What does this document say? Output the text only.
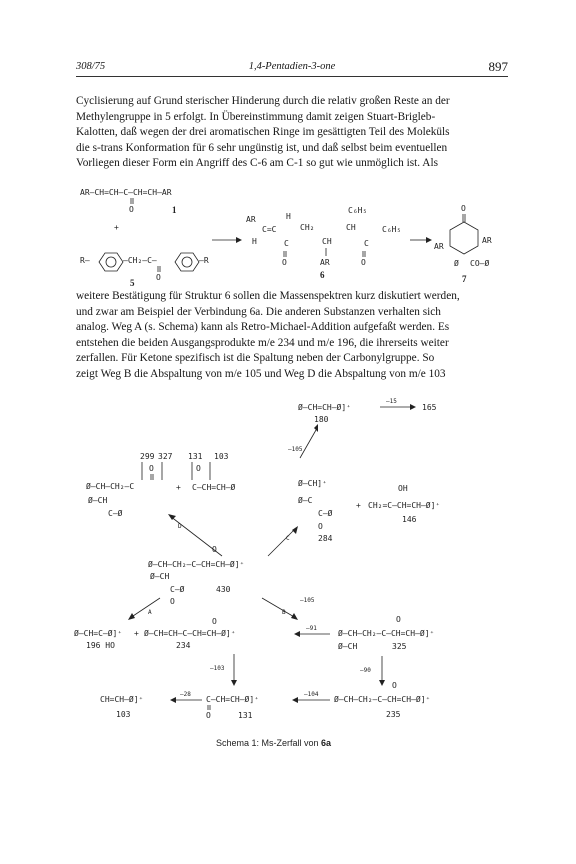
308/75	1,4-Pentadien-3-one	897
Cyclisierung auf Grund sterischer Hinderung durch die relativ großen Reste an der
Methylengruppe in 5 erfolgt. In Übereinstimmung damit zeigen Stuart-Brigleb-
Kalotten, daß wegen der drei aromatischen Ringe im gesättigten Teil des Moleküls
die s-trans Konformation für 6 sehr ungünstig ist, und daß selbst beim eventuellen
Vorliegen dieser Form ein Angriff des C-6 am C-1 so gut wie unmöglich ist. Als
AR–CH=CH–C–CH=CH–AR
O	1
+
R–	–CH₂–C–	–R
O
5
AR	H
C=C
H	C
CH₂
CH
C₆H₅
CH
C
C₆H₅
O	AR	O
6
O
AR
AR
Ø CO–Ø
7
weitere Bestätigung für Struktur 6 sollen die Massenspektren kurz diskutiert werden,
und zwar am Beispiel der Verbindung 6a. Die anderen Substanzen verhalten sich
analog. Weg A (s. Schema) kann als Retro-Michael-Addition aufgefaßt werden. Es
entstehen die beiden Ausgangsprodukte m/e 234 und m/e 196, die ihrerseits weiter
zerfallen. Für Ketone spezifisch ist die Spaltung neben der Carbonylgruppe. So
zeigt Weg B die Abspaltung von m/e 105 und Weg D die Abspaltung von m/e 103
Ø–CH=CH–Ø]⁺
–15
165
180
–105
299 327
O
Ø–CH–CH₂–C
Ø–CH
C–Ø
+
131 103
O
C–CH=CH–Ø	Ø–CH]⁺
Ø–C
C–Ø
O
284
+
OH
CH₂=C–CH=CH–Ø]⁺
146
D
C
O
Ø–CH–CH₂–C–CH=CH–Ø]⁺
Ø–CH
C–Ø
O
430
A	B
–105
Ø–CH=C–Ø]⁺
196 HO
+
O
Ø–CH=CH–C–CH=CH–Ø]⁺
234
–91
O
Ø–CH–CH₂–C–CH=CH–Ø]⁺
Ø–CH	325
–103	–90
CH=CH–Ø]⁺
103
–28
C–CH=CH–Ø]⁺
O	131
–104
O
Ø–CH–CH₂–C–CH=CH–Ø]⁺
235
Schema 1: Ms-Zerfall von 6a
